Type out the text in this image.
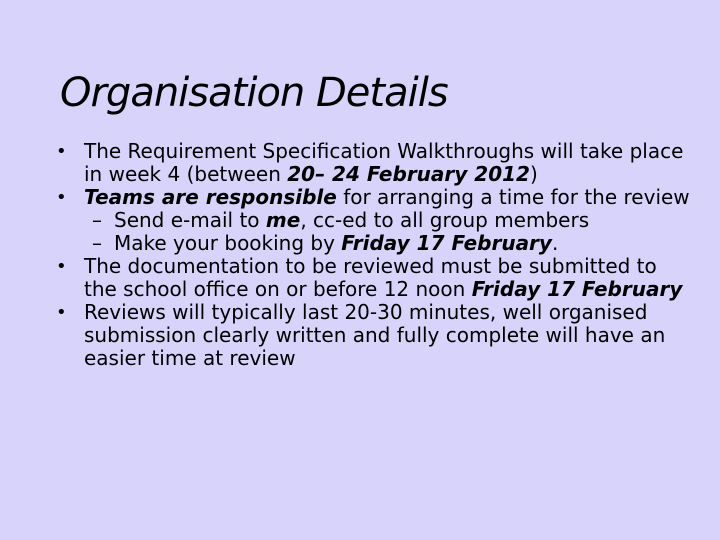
Organisation Details
• The Requirement Specification Walkthroughs will take place in week 4 (between 20– 24 February 2012)
• Teams are responsible for arranging a time for the review
– Send e-mail to me, cc-ed to all group members
– Make your booking by Friday 17 February.
• The documentation to be reviewed must be submitted to the school office on or before 12 noon Friday 17 February
• Reviews will typically last 20-30 minutes, well organised submission clearly written and fully complete will have an easier time at review
